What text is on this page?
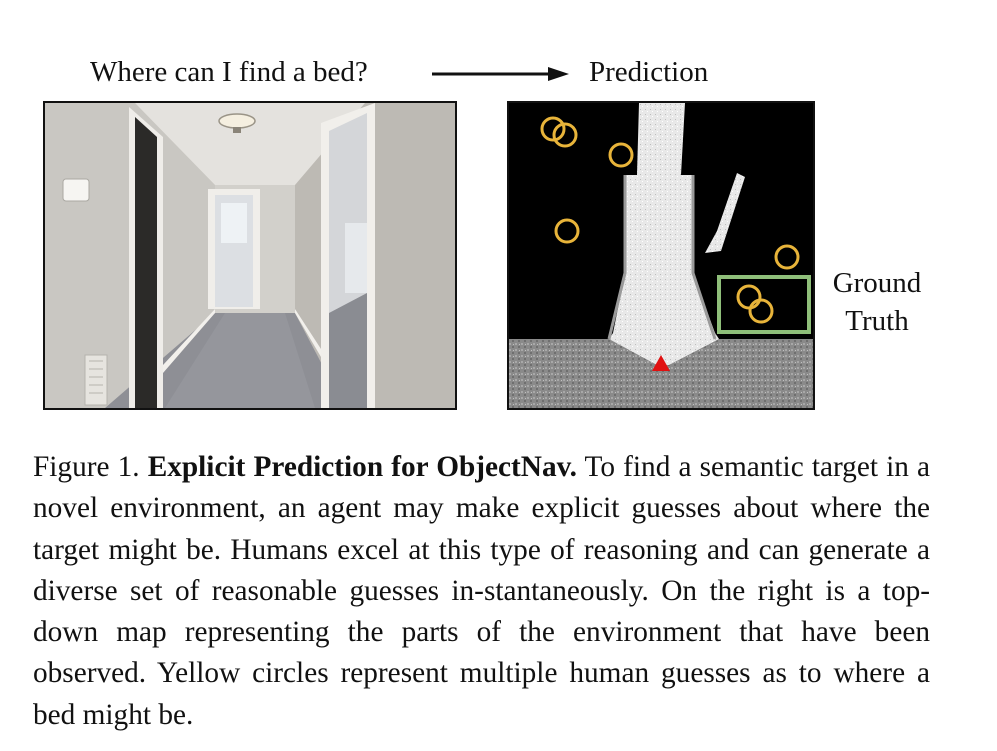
Where can I find a bed?	Prediction
Ground
Truth
Figure 1. Explicit Prediction for ObjectNav. To find a semantic target in a novel environment, an agent may make explicit guesses about where the target might be. Humans excel at this type of reasoning and can generate a diverse set of reasonable guesses in-stantaneously. On the right is a top-down map representing the parts of the environment that have been observed. Yellow circles represent multiple human guesses as to where a bed might be.
